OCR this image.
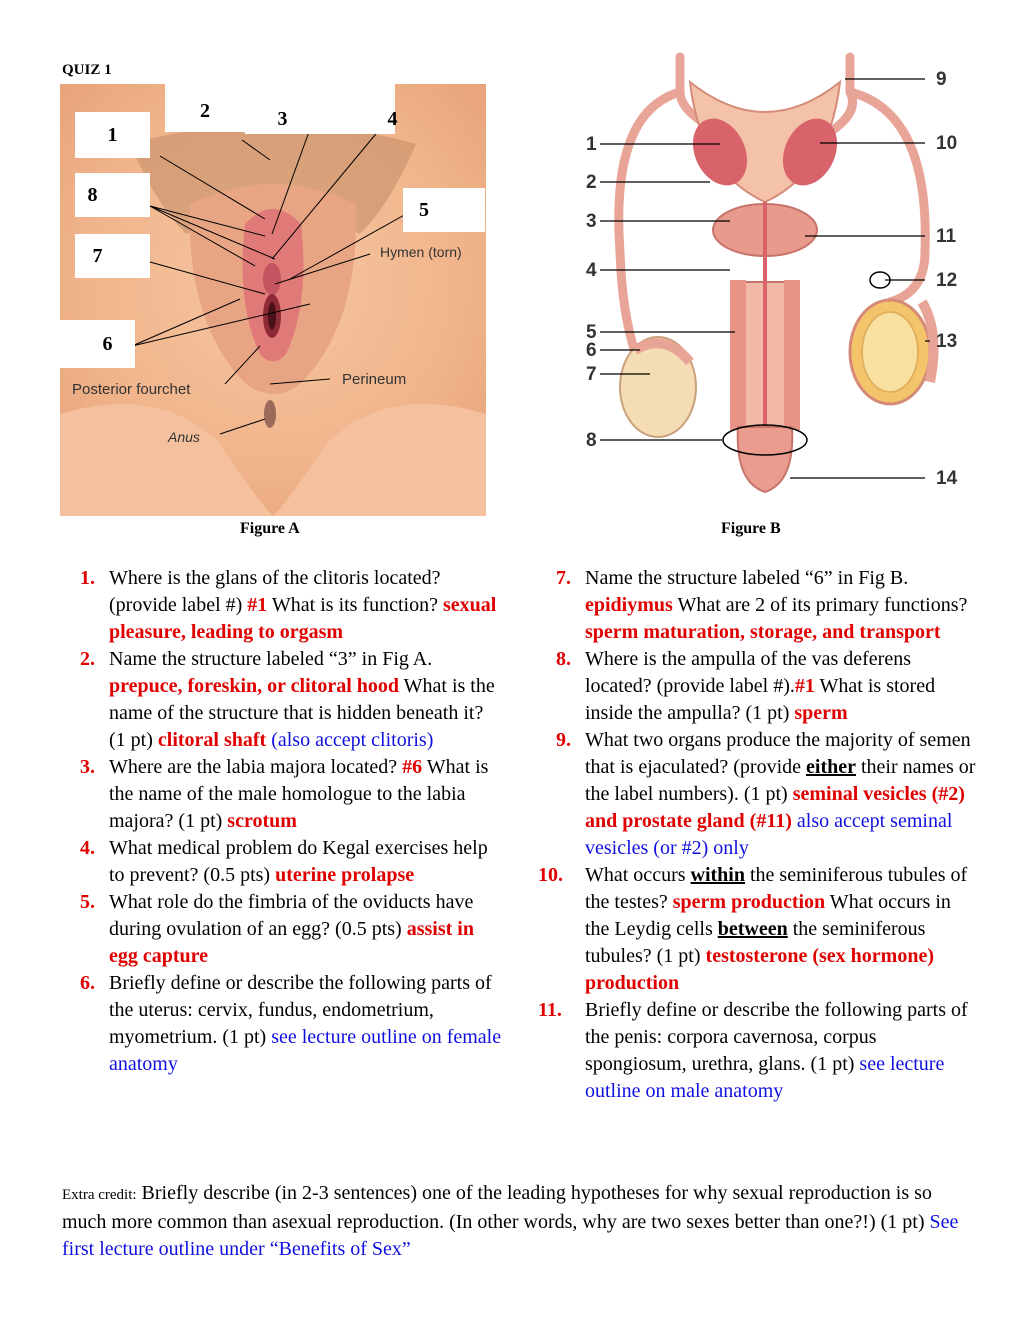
QUIZ 1
Hymen (torn)
Posterior fourchet
Perineum
Anus
1
2	3	4
8
5
7
6
Figure A
1
2
3
4
5
6
7
8
9
10
11
12
13
14
Figure B
1. Where is the glans of the clitoris located? (provide label #) #1 What is its function? sexual pleasure, leading to orgasm
2. Name the structure labeled “3” in Fig A. prepuce, foreskin, or clitoral hood What is the name of the structure that is hidden beneath it? (1 pt) clitoral shaft (also accept clitoris)
3. Where are the labia majora located? #6 What is the name of the male homologue to the labia majora? (1 pt) scrotum
4. What medical problem do Kegal exercises help to prevent? (0.5 pts) uterine prolapse
5. What role do the fimbria of the oviducts have during ovulation of an egg? (0.5 pts) assist in egg capture
6. Briefly define or describe the following parts of the uterus: cervix, fundus, endometrium, myometrium. (1 pt) see lecture outline on female anatomy
7. Name the structure labeled “6” in Fig B. epidiymus What are 2 of its primary functions? sperm maturation, storage, and transport
8. Where is the ampulla of the vas deferens located? (provide label #).#1 What is stored inside the ampulla? (1 pt) sperm
9. What two organs produce the majority of semen that is ejaculated? (provide either their names or the label numbers). (1 pt) seminal vesicles (#2) and prostate gland (#11) also accept seminal vesicles (or #2) only
10. What occurs within the seminiferous tubules of the testes? sperm production What occurs in the Leydig cells between the seminiferous tubules? (1 pt) testosterone (sex hormone) production
11. Briefly define or describe the following parts of the penis: corpora cavernosa, corpus spongiosum, urethra, glans. (1 pt) see lecture outline on male anatomy
Extra credit: Briefly describe (in 2-3 sentences) one of the leading hypotheses for why sexual reproduction is so much more common than asexual reproduction. (In other words, why are two sexes better than one?!) (1 pt) See first lecture outline under “Benefits of Sex”
